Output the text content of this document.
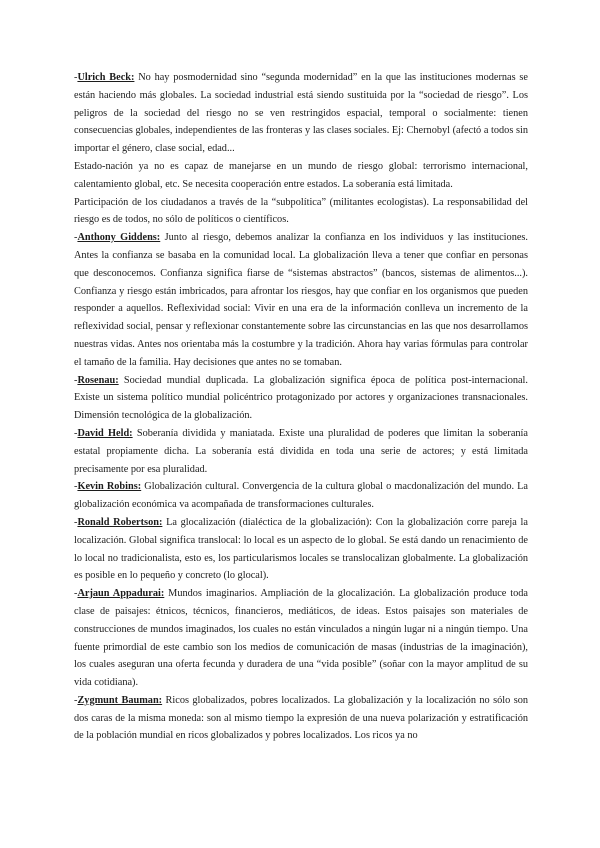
-Ulrich Beck: No hay posmodernidad sino “segunda modernidad” en la que las instituciones modernas se están haciendo más globales. La sociedad industrial está siendo sustituida por la “sociedad de riesgo”. Los peligros de la sociedad del riesgo no se ven restringidos espacial, temporal o socialmente: tienen consecuencias globales, independientes de las fronteras y las clases sociales. Ej: Chernobyl (afectó a todos sin importar el género, clase social, edad...

Estado-nación ya no es capaz de manejarse en un mundo de riesgo global: terrorismo internacional, calentamiento global, etc. Se necesita cooperación entre estados. La soberanía está limitada.

Participación de los ciudadanos a través de la “subpolítica” (militantes ecologistas). La responsabilidad del riesgo es de todos, no sólo de políticos o científicos.

-Anthony Giddens: Junto al riesgo, debemos analizar la confianza en los individuos y las instituciones. Antes la confianza se basaba en la comunidad local. La globalización lleva a tener que confiar en personas que desconocemos. Confianza significa fiarse de “sistemas abstractos” (bancos, sistemas de alimentos...). Confianza y riesgo están imbricados, para afrontar los riesgos, hay que confiar en los organismos que pueden responder a aquellos. Reflexividad social: Vivir en una era de la información conlleva un incremento de la reflexividad social, pensar y reflexionar constantemente sobre las circunstancias en las que nos desarrollamos nuestras vidas. Antes nos orientaba más la costumbre y la tradición. Ahora hay varias fórmulas para controlar el tamaño de la familia. Hay decisiones que antes no se tomaban.

-Rosenau: Sociedad mundial duplicada. La globalización significa época de política post-internacional. Existe un sistema político mundial policéntrico protagonizado por actores y organizaciones transnacionales. Dimensión tecnológica de la globalización.

-David Held: Soberanía dividida y maniatada. Existe una pluralidad de poderes que limitan la soberanía estatal propiamente dicha. La soberanía está dividida en toda una serie de actores; y está limitada precisamente por esa pluralidad.

-Kevin Robins: Globalización cultural. Convergencia de la cultura global o macdonalización del mundo. La globalización económica va acompañada de transformaciones culturales.

-Ronald Robertson: La glocalización (dialéctica de la globalización): Con la globalización corre pareja la localización. Global significa translocal: lo local es un aspecto de lo global. Se está dando un renacimiento de lo local no tradicionalista, esto es, los particularismos locales se translocalizan globalmente. La globalización es posible en lo pequeño y concreto (lo glocal).

-Arjaun Appadurai: Mundos imaginarios. Ampliación de la glocalización. La globalización produce toda clase de paisajes: étnicos, técnicos, financieros, mediáticos, de ideas. Estos paisajes son materiales de construcciones de mundos imaginados, los cuales no están vinculados a ningún lugar ni a ningún tiempo. Una fuente primordial de este cambio son los medios de comunicación de masas (industrias de la imaginación), los cuales aseguran una oferta fecunda y duradera de una “vida posible” (soñar con la mayor amplitud de su vida cotidiana).

-Zygmunt Bauman: Ricos globalizados, pobres localizados. La globalización y la localización no sólo son dos caras de la misma moneda: son al mismo tiempo la expresión de una nueva polarización y estratificación de la población mundial en ricos globalizados y pobres localizados. Los ricos ya no
